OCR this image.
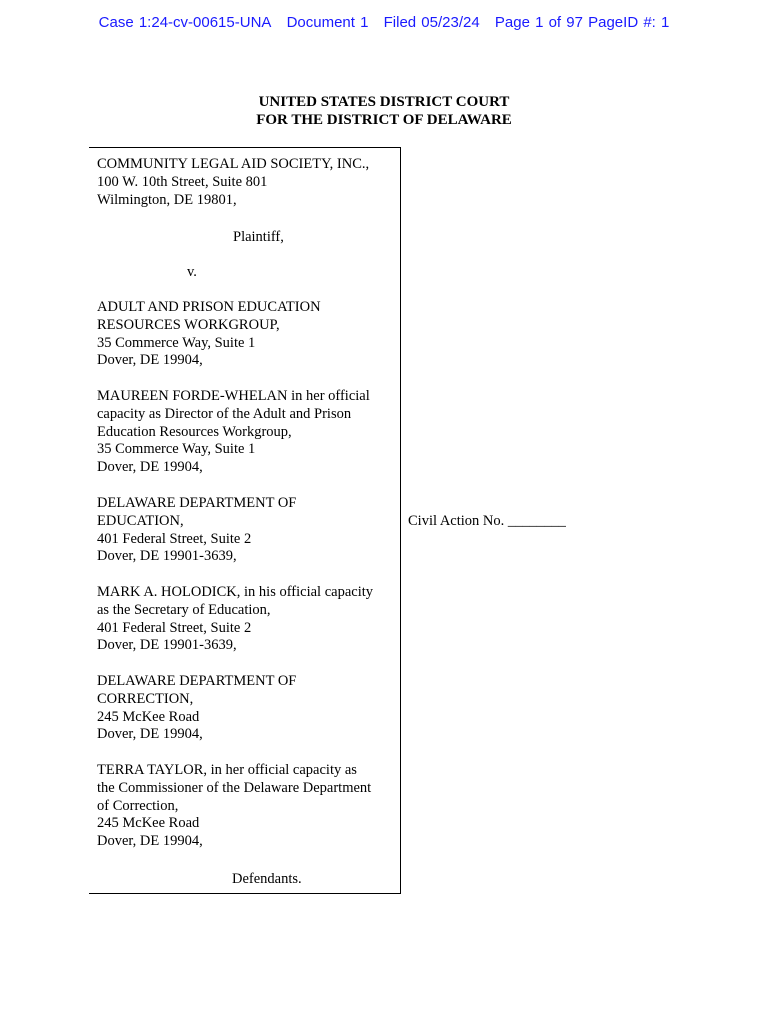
Case 1:24-cv-00615-UNA Document 1 Filed 05/23/24 Page 1 of 97 PageID #: 1
UNITED STATES DISTRICT COURT
FOR THE DISTRICT OF DELAWARE
COMMUNITY LEGAL AID SOCIETY, INC.,
100 W. 10th Street, Suite 801
Wilmington, DE 19801,
Plaintiff,
v.
ADULT AND PRISON EDUCATION
RESOURCES WORKGROUP,
35 Commerce Way, Suite 1
Dover, DE 19904,
MAUREEN FORDE-WHELAN in her official
capacity as Director of the Adult and Prison
Education Resources Workgroup,
35 Commerce Way, Suite 1
Dover, DE 19904,
DELAWARE DEPARTMENT OF
EDUCATION,
401 Federal Street, Suite 2
Dover, DE 19901-3639,
MARK A. HOLODICK, in his official capacity
as the Secretary of Education,
401 Federal Street, Suite 2
Dover, DE 19901-3639,
DELAWARE DEPARTMENT OF
CORRECTION,
245 McKee Road
Dover, DE 19904,
TERRA TAYLOR, in her official capacity as
the Commissioner of the Delaware Department
of Correction,
245 McKee Road
Dover, DE 19904,
Defendants.
Civil Action No. ________
